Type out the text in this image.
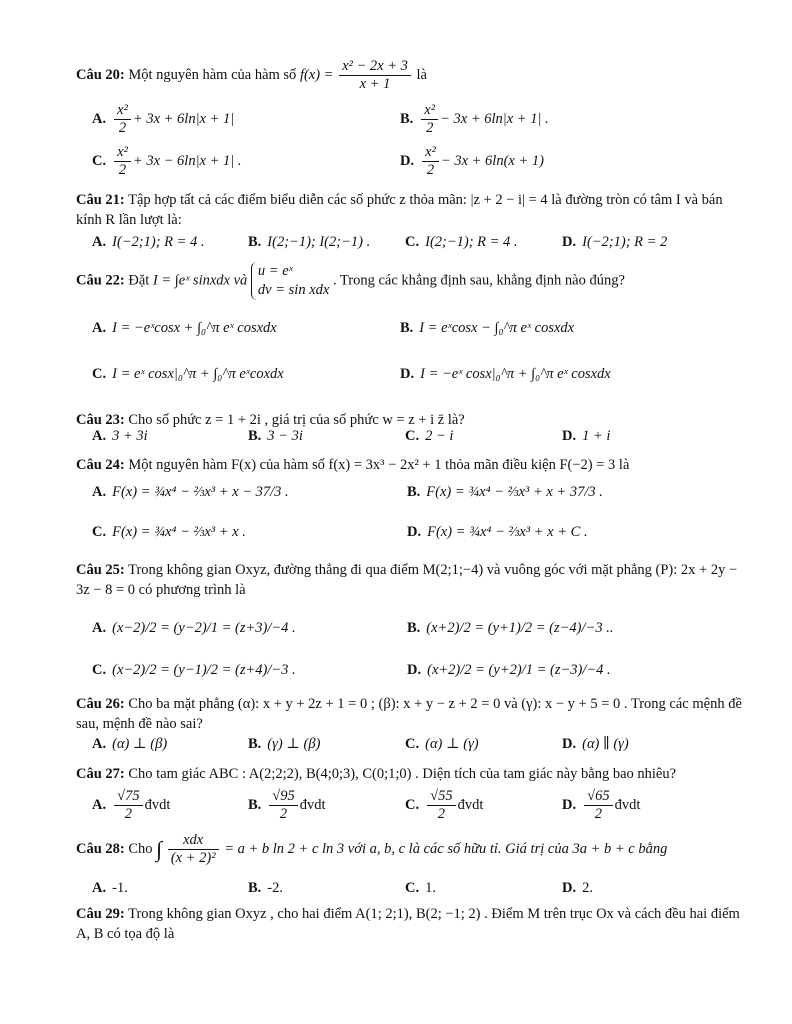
Câu 20: Một nguyên hàm của hàm số $f(x) = \frac{\text{x² − 2x + 3}}{x + 1}$ là
A. $\frac{\text{x²}}{2} + 3x + 6\ln|x + 1|$	B. $\frac{\text{x²}}{2} - 3x + 6\ln|x + 1|$ .
C. $\frac{\text{x²}}{2} + 3x - 6\ln|x + 1|$ .	D. $\frac{\text{x²}}{2} - 3x + 6\ln(x + 1)$
Câu 21: Tập hợp tất cả các điểm biểu diễn các số phức z thỏa mãn: |z + 2 − i| = 4 là đường tròn có tâm I và bán kính R lần lượt là:
A. I(−2;1); R = 4 .	B. I(2;−1); I(2;−1) . C. I(2;−1); R = 4 .	D. I(−2;1); R = 2
Câu 22: Đặt I = ∫eˣ sinxdx và u = eˣ
dv = sin xdx . Trong các khẳng định sau, khẳng định nào đúng?
A. I = −eˣcosx + ∫₀^π eˣ cosxdx	B. I = eˣcosx − ∫₀^π eˣ cosxdx
C. I = eˣ cosx|₀^π + ∫₀^π eˣcoxdx	D. I = −eˣ cosx|₀^π + ∫₀^π eˣ cosxdx
Câu 23: Cho số phức z = 1 + 2i , giá trị của số phức w = z + i z̄ là?
A. 3 + 3i	B. 3 − 3i	C. 2 − i	D. 1 + i
Câu 24: Một nguyên hàm F(x) của hàm số f(x) = 3x³ − 2x² + 1 thỏa mãn điều kiện F(−2) = 3 là
A. F(x) = ¾x⁴ − ⅔x³ + x − 37/3 .	B. F(x) = ¾x⁴ − ⅔x³ + x + 37/3 .
C. F(x) = ¾x⁴ − ⅔x³ + x .	D. F(x) = ¾x⁴ − ⅔x³ + x + C .
Câu 25: Trong không gian Oxyz, đường thẳng đi qua điểm M(2;1;−4) và vuông góc với mặt phẳng (P): 2x + 2y − 3z − 8 = 0 có phương trình là
A. (x−2)/2 = (y−2)/1 = (z+3)/−4 .	B. (x+2)/2 = (y+1)/2 = (z−4)/−3 ..
C. (x−2)/2 = (y−1)/2 = (z+4)/−3 .	D. (x+2)/2 = (y+2)/1 = (z−3)/−4 .
Câu 26: Cho ba mặt phẳng (α): x + y + 2z + 1 = 0 ; (β): x + y − z + 2 = 0 và (γ): x − y + 5 = 0 . Trong các mệnh đề sau, mệnh đề nào sai?
A. (α) ⊥ (β)	B. (γ) ⊥ (β)	C. (α) ⊥ (γ)	D. (α) ∥ (γ)
Câu 27: Cho tam giác ABC : A(2;2;2), B(4;0;3), C(0;1;0) . Diện tích của tam giác này bằng bao nhiêu?
A. $\frac{√75}{2}$ đvdt	B. $\frac{√95}{2}$ đvdt	C. $\frac{√55}{2}$ đvdt	D. $\frac{√65}{2}$ đvdt
Câu 28: Cho ∫ $\frac{\text{xdx}}{\text{(x + 2)²}} = a + b$ ln 2 + c ln 3 với a, b, c là các số hữu tỉ. Giá trị của 3a + b + c bằng
A. -1.	B. -2.	C. 1.	D. 2.
Câu 29: Trong không gian Oxyz , cho hai điểm A(1; 2;1), B(2; −1; 2) . Điểm M trên trục Ox và cách đều hai điểm A, B có tọa độ là
